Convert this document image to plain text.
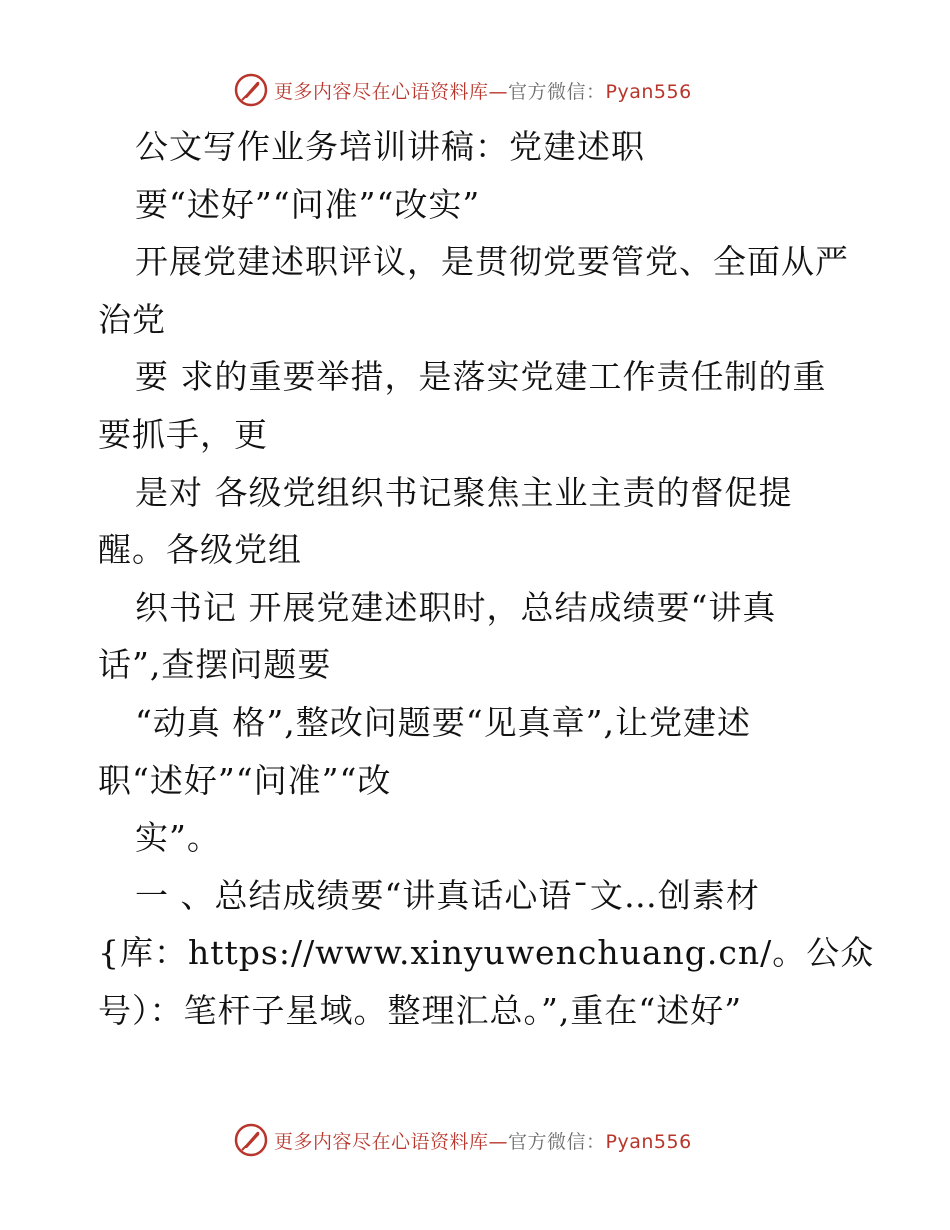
更多内容尽在心语资料库—官方微信：Pyan556
公文写作业务培训讲稿：党建述职
要“述好”“问准”“改实”
开展党建述职评议，是贯彻党要管党、全面从严
治党
要 求的重要举措，是落实党建工作责任制的重
要抓手，更
是对 各级党组织书记聚焦主业主责的督促提
醒。各级党组
织书记 开展党建述职时，总结成绩要“讲真
话”,查摆问题要
“动真 格”,整改问题要“见真章”,让党建述
职“述好”“问准”“改
实”。
一 、总结成绩要“讲真话心语¯文…创素材
{库：https://www.xinyuwenchuang.cn/。公众
号）：笔杆子星域。整理汇总。”,重在“述好”
更多内容尽在心语资料库—官方微信：Pyan556
